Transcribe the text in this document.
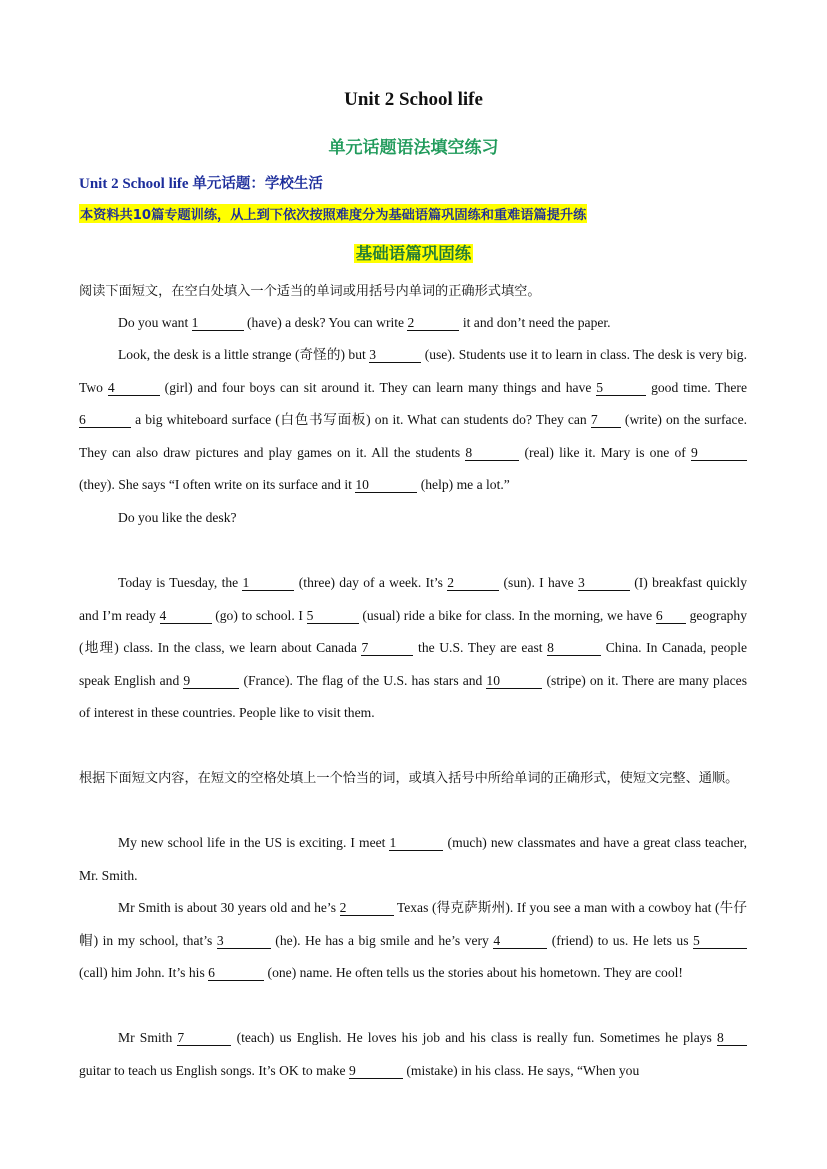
Unit 2 School life
单元话题语法填空练习
Unit 2 School life 单元话题：学校生活
本资料共10篇专题训练，从上到下依次按照难度分为基础语篇巩固练和重难语篇提升练
基础语篇巩固练
阅读下面短文，在空白处填入一个适当的单词或用括号内单词的正确形式填空。
Do you want 1	(have) a desk? You can write 2	it and don’t need the paper.
Look, the desk is a little strange (奇怪的) but 3	(use). Students use it to learn in class. The desk is very big. Two 4	(girl) and four boys can sit around it. They can learn many things and have 5	good time. There 6	a big whiteboard surface (白色书写面板) on it. What can students do? They can 7 (write) on the surface. They can also draw pictures and play games on it. All the students 8	(real) like it. Mary is one of 9 (they). She says “I often write on its surface and it 10	(help) me a lot.”
Do you like the desk?
Today is Tuesday, the 1	(three) day of a week. It’s 2	(sun). I have 3	(I) breakfast quickly and I’m ready 4	(go) to school. I 5	(usual) ride a bike for class. In the morning, we have 6 geography (地理) class. In the class, we learn about Canada 7	the U.S. They are east 8	China. In Canada, people speak English and 9	(France). The flag of the U.S. has stars and 10	(stripe) on it. There are many places of interest in these countries. People like to visit them.
根据下面短文内容，在短文的空格处填上一个恰当的词，或填入括号中所给单词的正确形式，使短文完整、通顺。
My new school life in the US is exciting. I meet 1	(much) new classmates and have a great class teacher, Mr. Smith.
Mr Smith is about 30 years old and he’s 2	Texas (得克萨斯州). If you see a man with a cowboy hat (牛仔帽) in my school, that’s 3	(he). He has a big smile and he’s very 4	(friend) to us. He lets us 5 (call) him John. It’s his 6	(one) name. He often tells us the stories about his hometown. They are cool!
Mr Smith 7	(teach) us English. He loves his job and his class is really fun. Sometimes he plays 8 guitar to teach us English songs. It’s OK to make 9	(mistake) in his class. He says, “When you
